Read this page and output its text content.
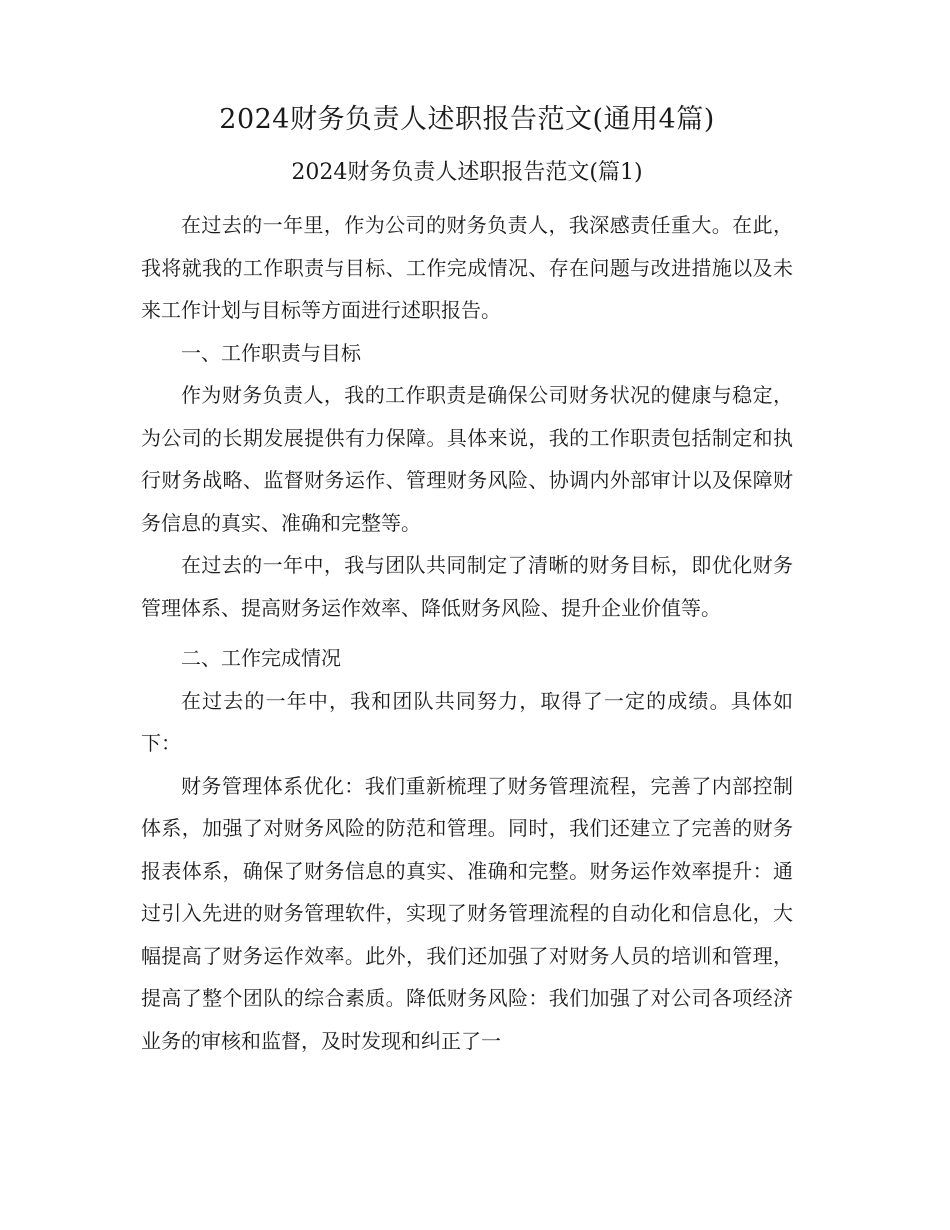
2024财务负责人述职报告范文(通用4篇)
2024财务负责人述职报告范文(篇1)

在过去的一年里，作为公司的财务负责人，我深感责任重大。在此，我将就我的工作职责与目标、工作完成情况、存在问题与改进措施以及未来工作计划与目标等方面进行述职报告。

一、工作职责与目标

作为财务负责人，我的工作职责是确保公司财务状况的健康与稳定，为公司的长期发展提供有力保障。具体来说，我的工作职责包括制定和执行财务战略、监督财务运作、管理财务风险、协调内外部审计以及保障财务信息的真实、准确和完整等。

在过去的一年中，我与团队共同制定了清晰的财务目标，即优化财务管理体系、提高财务运作效率、降低财务风险、提升企业价值等。

二、工作完成情况

在过去的一年中，我和团队共同努力，取得了一定的成绩。具体如下：

财务管理体系优化：我们重新梳理了财务管理流程，完善了内部控制体系，加强了对财务风险的防范和管理。同时，我们还建立了完善的财务报表体系，确保了财务信息的真实、准确和完整。财务运作效率提升：通过引入先进的财务管理软件，实现了财务管理流程的自动化和信息化，大幅提高了财务运作效率。此外，我们还加强了对财务人员的培训和管理，提高了整个团队的综合素质。降低财务风险：我们加强了对公司各项经济业务的审核和监督，及时发现和纠正了一
